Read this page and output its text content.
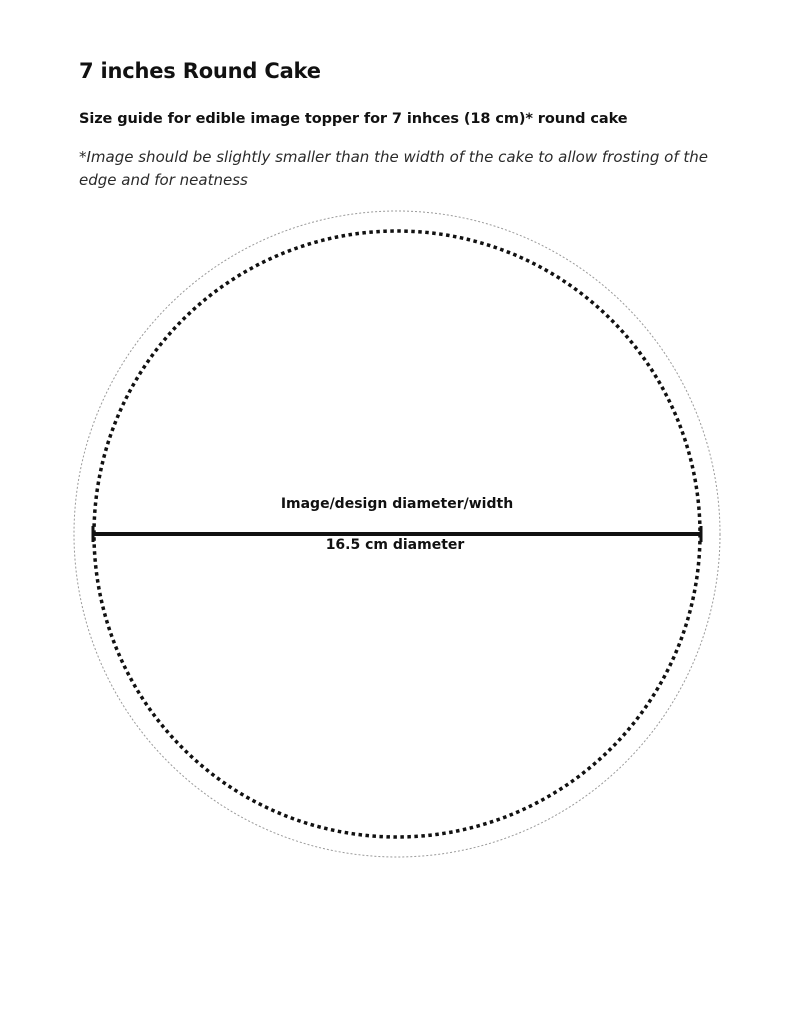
7 inches Round Cake

Size guide for edible image topper for 7 inhces (18 cm)* round cake

*Image should be slightly smaller than the width of the cake to allow frosting of the edge and for neatness

Image/design diameter/width
16.5 cm diameter
